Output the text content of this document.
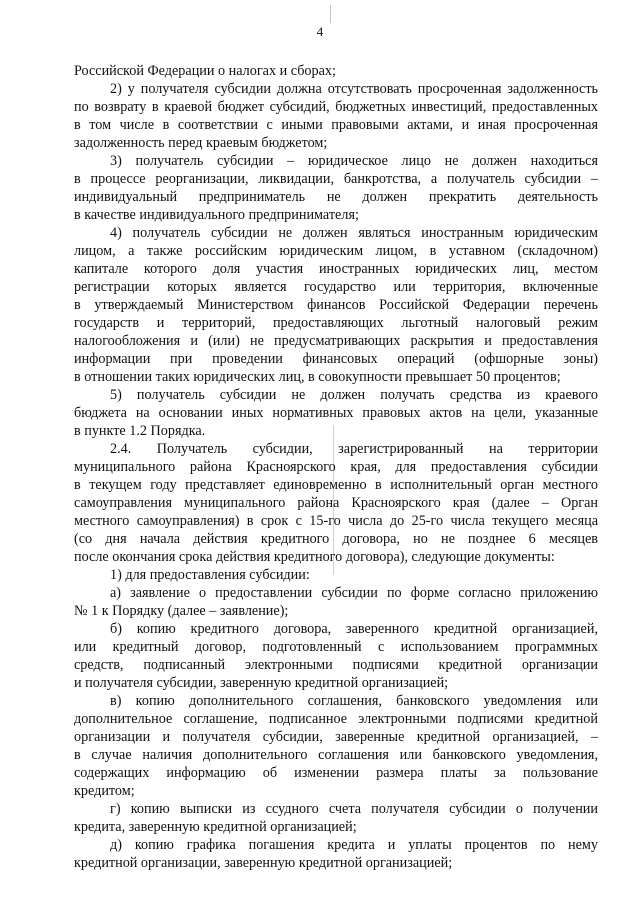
4
Российской Федерации о налогах и сборах;
2) у получателя субсидии должна отсутствовать просроченная задолженность
по возврату в краевой бюджет субсидий, бюджетных инвестиций, предоставленных
в том числе в соответствии с иными правовыми актами, и иная просроченная
задолженность перед краевым бюджетом;
3) получатель субсидии – юридическое лицо не должен находиться
в процессе реорганизации, ликвидации, банкротства, а получатель субсидии –
индивидуальный предприниматель не должен прекратить деятельность
в качестве индивидуального предпринимателя;
4) получатель субсидии не должен являться иностранным юридическим
лицом, а также российским юридическим лицом, в уставном (складочном)
капитале которого доля участия иностранных юридических лиц, местом
регистрации которых является государство или территория, включенные
в утверждаемый Министерством финансов Российской Федерации перечень
государств и территорий, предоставляющих льготный налоговый режим
налогообложения и (или) не предусматривающих раскрытия и предоставления
информации при проведении финансовых операций (офшорные зоны)
в отношении таких юридических лиц, в совокупности превышает 50 процентов;
5) получатель субсидии не должен получать средства из краевого
бюджета на основании иных нормативных правовых актов на цели, указанные
в пункте 1.2 Порядка.
2.4. Получатель субсидии, зарегистрированный на территории
муниципального района Красноярского края, для предоставления субсидии
в текущем году представляет единовременно в исполнительный орган местного
самоуправления муниципального района Красноярского края (далее – Орган
местного самоуправления) в срок с 15-го числа до 25-го числа текущего месяца
(со дня начала действия кредитного договора, но не позднее 6 месяцев
после окончания срока действия кредитного договора), следующие документы:
1) для предоставления субсидии:
а) заявление о предоставлении субсидии по форме согласно приложению
№ 1 к Порядку (далее – заявление);
б) копию кредитного договора, заверенного кредитной организацией,
или кредитный договор, подготовленный с использованием программных
средств, подписанный электронными подписями кредитной организации
и получателя субсидии, заверенную кредитной организацией;
в) копию дополнительного соглашения, банковского уведомления или
дополнительное соглашение, подписанное электронными подписями кредитной
организации и получателя субсидии, заверенные кредитной организацией, –
в случае наличия дополнительного соглашения или банковского уведомления,
содержащих информацию об изменении размера платы за пользование
кредитом;
г) копию выписки из ссудного счета получателя субсидии о получении
кредита, заверенную кредитной организацией;
д) копию графика погашения кредита и уплаты процентов по нему
кредитной организации, заверенную кредитной организацией;
